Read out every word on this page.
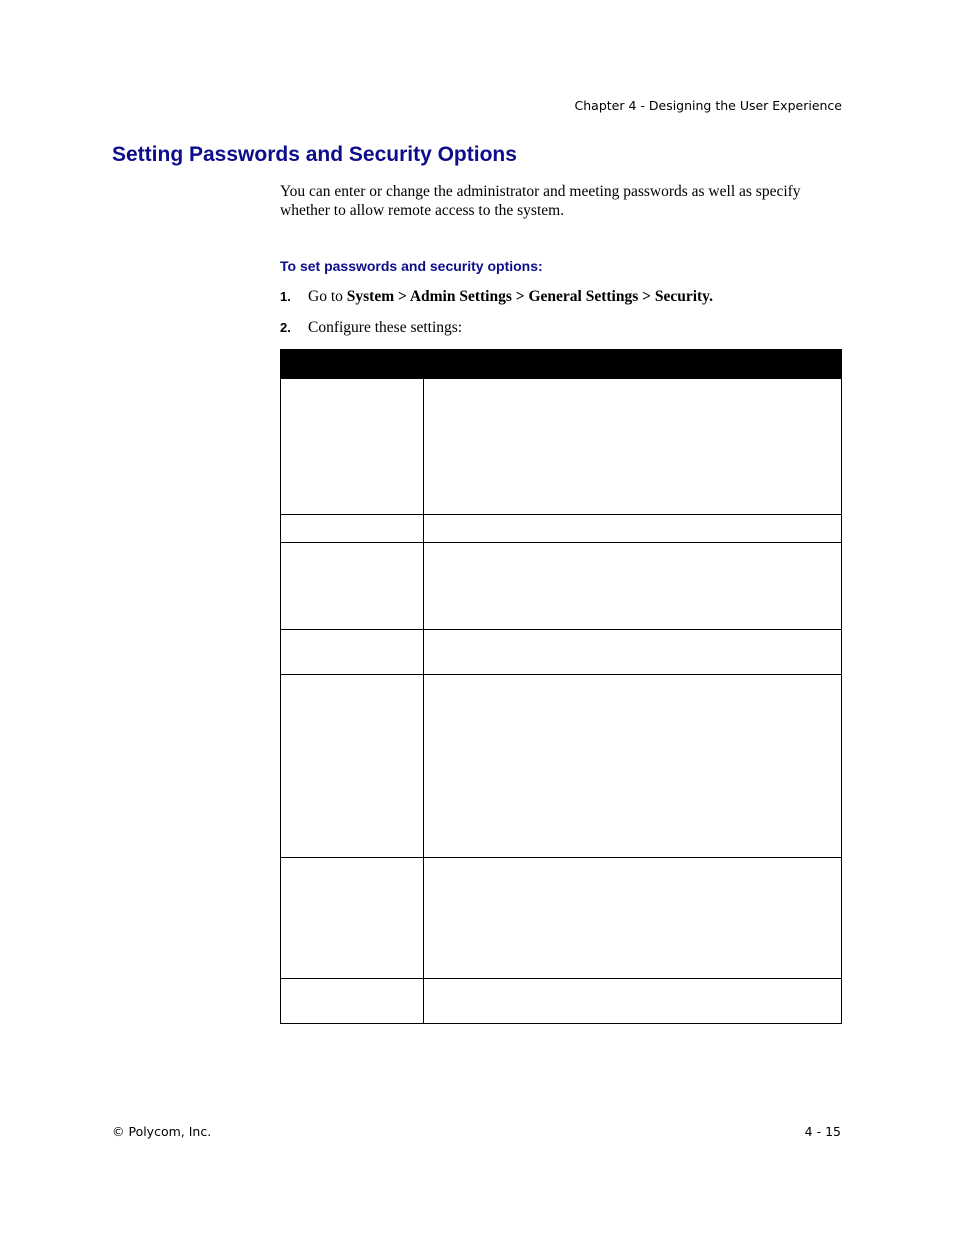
Chapter 4 - Designing the User Experience
Setting Passwords and Security Options

You can enter or change the administrator and meeting passwords as well as specify whether to allow remote access to the system.

To set passwords and security options:
1. Go to System > Admin Settings > General Settings > Security.
2. Configure these settings:

© Polycom, Inc.	4 - 15
